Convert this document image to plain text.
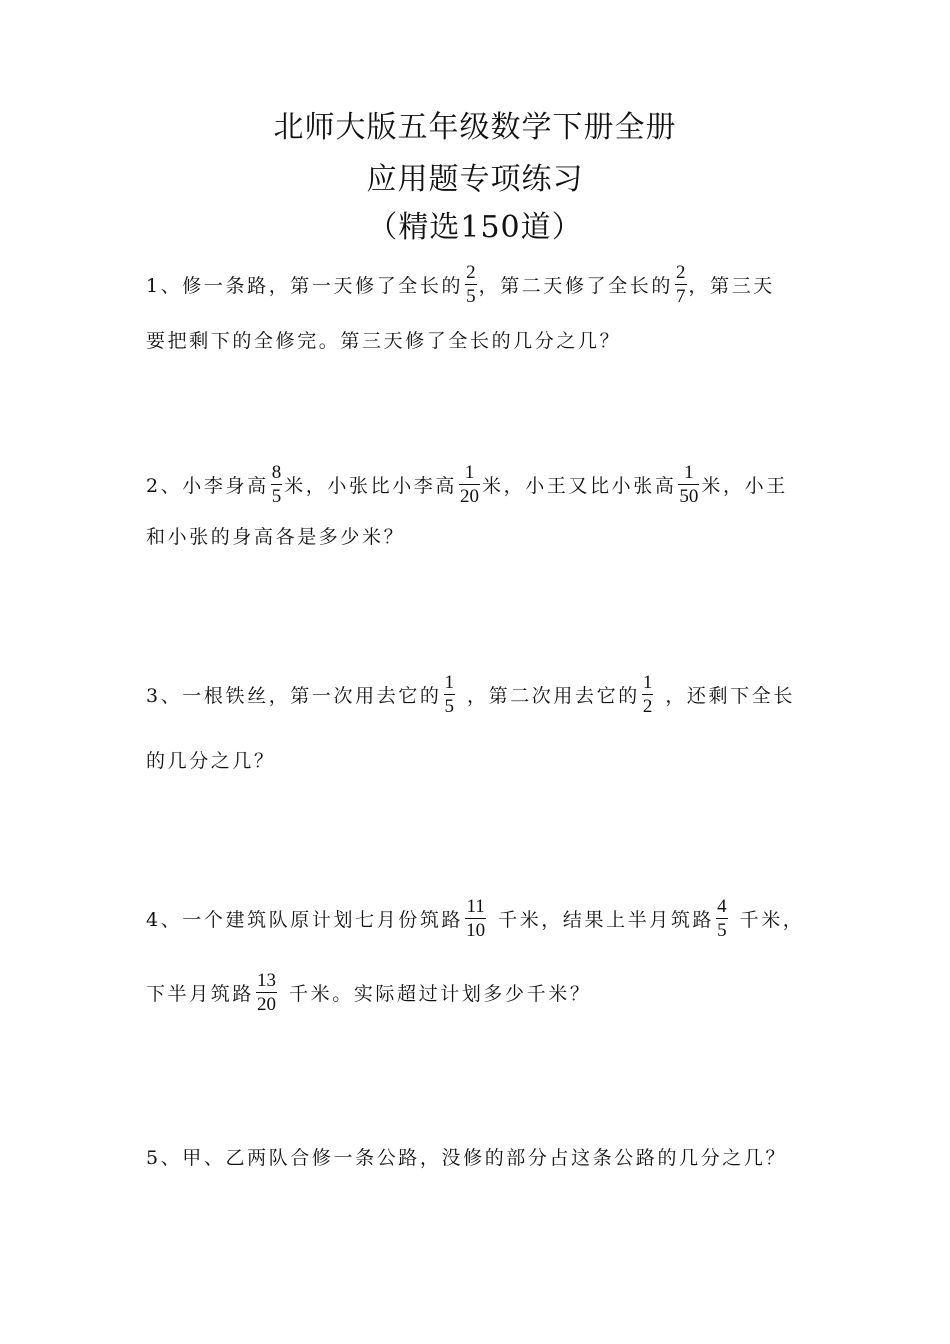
北师大版五年级数学下册全册
应用题专项练习
（精选150道）
1、修一条路，第一天修了全长的 $\frac{2}{5}$ ，第二天修了全长的 $\frac{2}{7}$ ，第三天
要把剩下的全修完。第三天修了全长的几分之几？
2、小李身高 $\frac{8}{5}$ 米，小张比小李高 $\frac{1}{20}$ 米，小王又比小张高 $\frac{1}{50}$ 米，小王
和小张的身高各是多少米？
3、一根铁丝，第一次用去它的 $\frac{1}{5}$ ，第二次用去它的 $\frac{1}{2}$ ，还剩下全长
的几分之几？
4、一个建筑队原计划七月份筑路 $\frac{11}{10}$ 千米，结果上半月筑路 $\frac{4}{5}$ 千米，
下半月筑路 $\frac{13}{20}$ 千米。实际超过计划多少千米？
5、甲、乙两队合修一条公路，没修的部分占这条公路的几分之几？
